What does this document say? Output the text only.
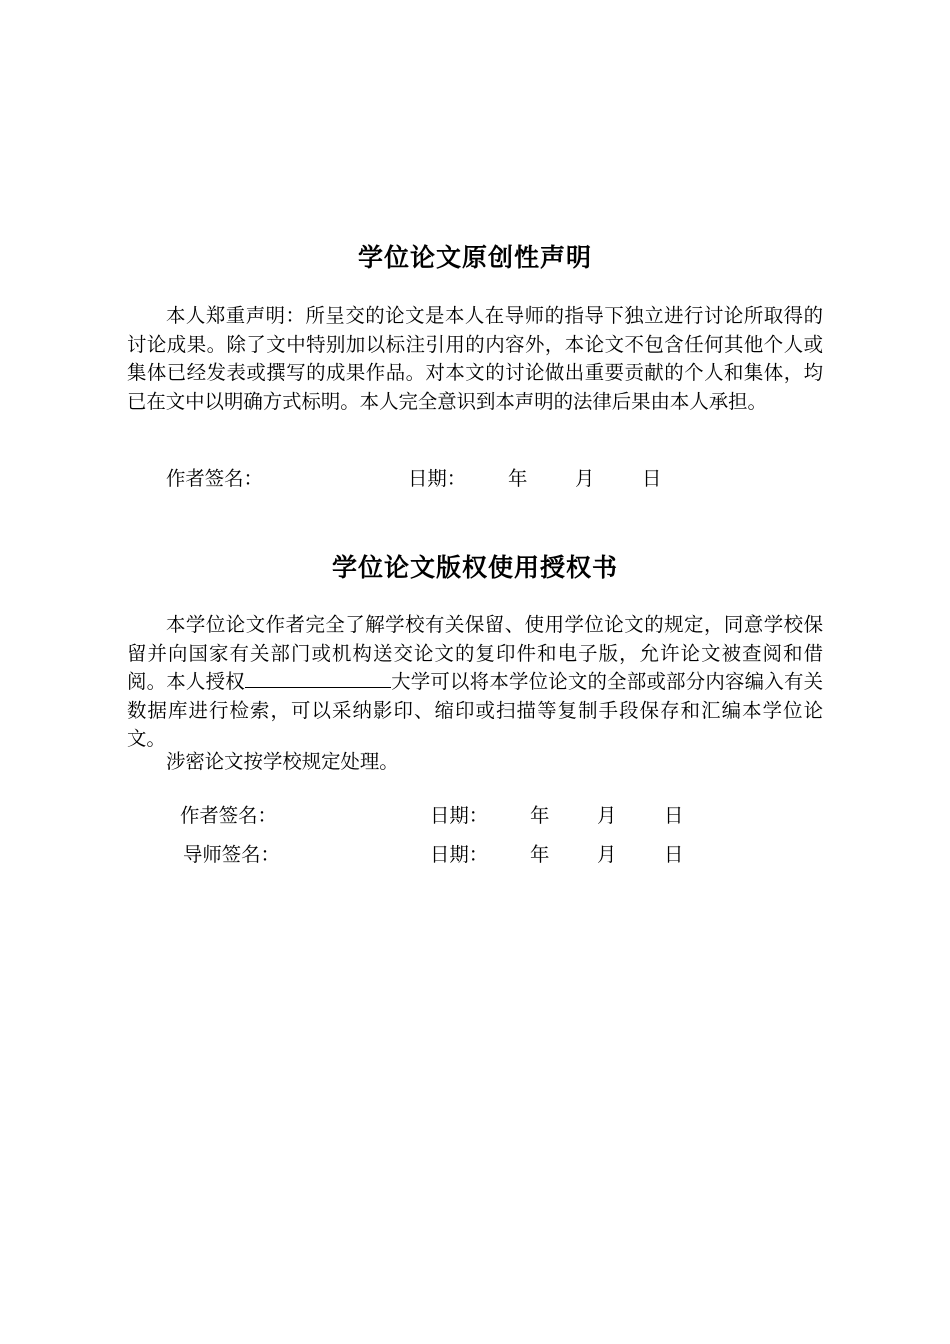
学位论文原创性声明

本人郑重声明：所呈交的论文是本人在导师的指导下独立进行讨论所取得的讨论成果。除了文中特别加以标注引用的内容外，本论文不包含任何其他个人或集体已经发表或撰写的成果作品。对本文的讨论做出重要贡献的个人和集体，均已在文中以明确方式标明。本人完全意识到本声明的法律后果由本人承担。

作者签名：	日期： 年 月 日
学位论文版权使用授权书

本学位论文作者完全了解学校有关保留、使用学位论文的规定，同意学校保留并向国家有关部门或机构送交论文的复印件和电子版，允许论文被查阅和借阅。本人授权	大学可以将本学位论文的全部或部分内容编入有关数据库进行检索，可以采纳影印、缩印或扫描等复制手段保存和汇编本学位论文。

涉密论文按学校规定处理。
作者签名：	日期： 年 月 日
导师签名：	日期： 年 月 日
